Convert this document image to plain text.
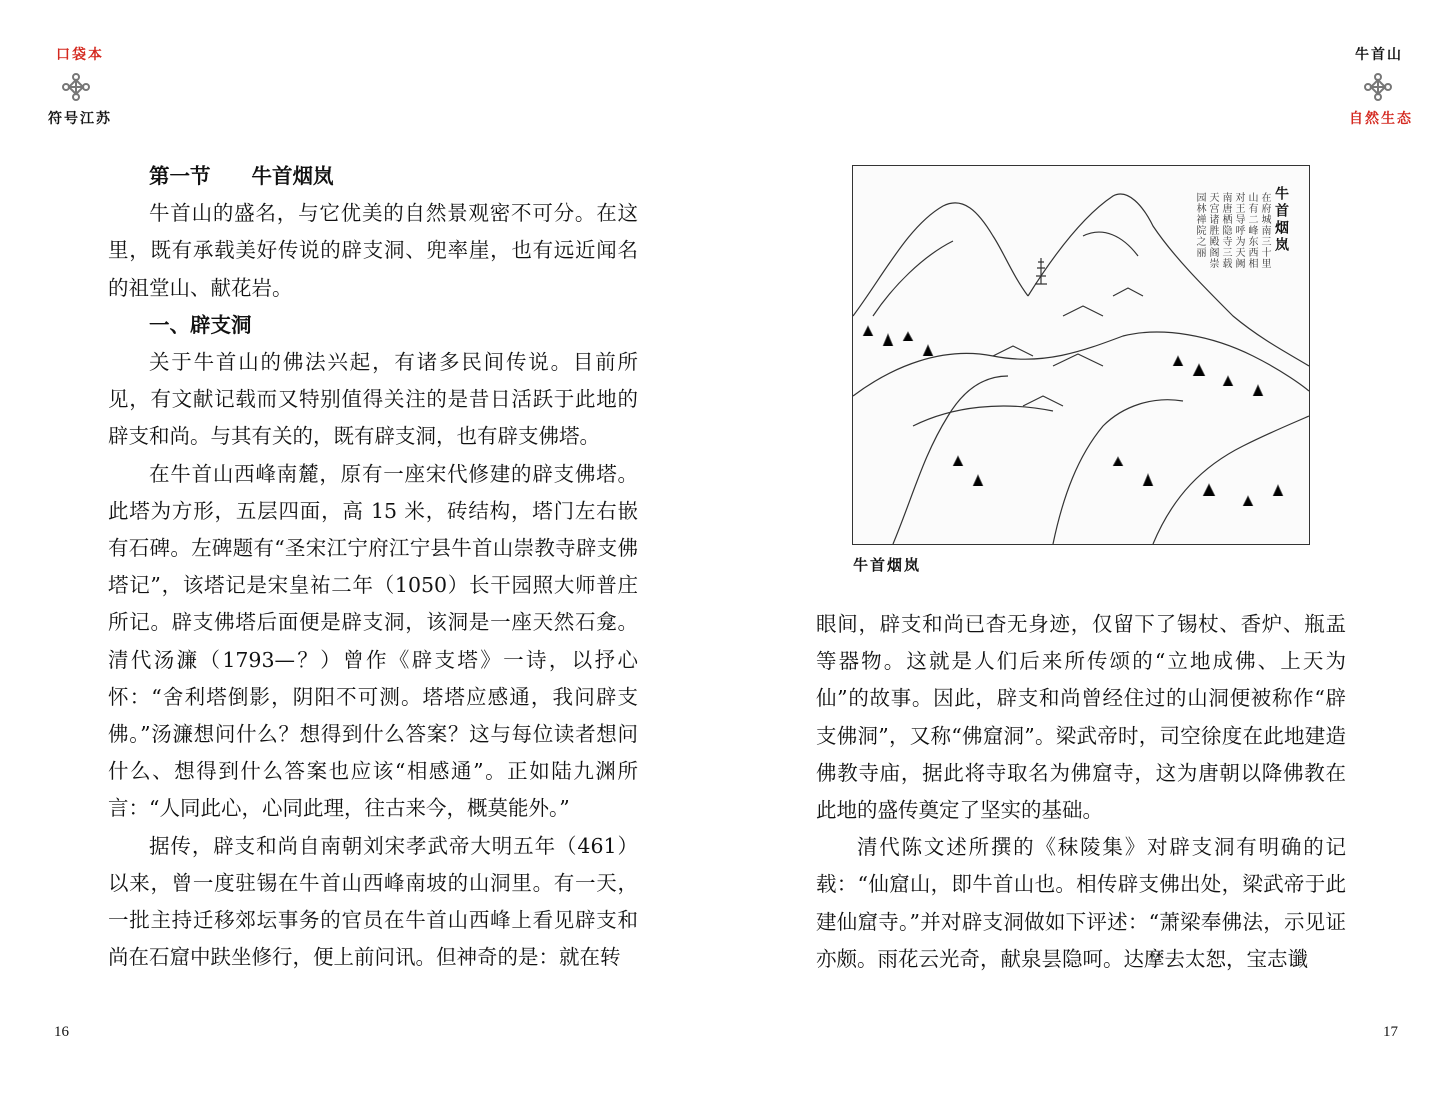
口袋本
符号江苏

第一节　　牛首烟岚

牛首山的盛名，与它优美的自然景观密不可分。在这里，既有承载美好传说的辟支洞、兜率崖，也有远近闻名的祖堂山、献花岩。

一、辟支洞

关于牛首山的佛法兴起，有诸多民间传说。目前所见，有文献记载而又特别值得关注的是昔日活跃于此地的辟支和尚。与其有关的，既有辟支洞，也有辟支佛塔。

在牛首山西峰南麓，原有一座宋代修建的辟支佛塔。此塔为方形，五层四面，高 15 米，砖结构，塔门左右嵌有石碑。左碑题有“圣宋江宁府江宁县牛首山崇教寺辟支佛塔记”，该塔记是宋皇祐二年（1050）长干园照大师普庄所记。辟支佛塔后面便是辟支洞，该洞是一座天然石龛。清代汤濂（1793—？）曾作《辟支塔》一诗，以抒心怀：“舍利塔倒影，阴阳不可测。塔塔应感通，我问辟支佛。”汤濂想问什么？想得到什么答案？这与每位读者想问什么、想得到什么答案也应该“相感通”。正如陆九渊所言：“人同此心，心同此理，往古来今，概莫能外。”

据传，辟支和尚自南朝刘宋孝武帝大明五年（461）以来，曾一度驻锡在牛首山西峰南坡的山洞里。有一天，一批主持迁移郊坛事务的官员在牛首山西峰上看见辟支和尚在石窟中趺坐修行，便上前问讯。但神奇的是：就在转

16
牛首山
自然生态
牛首烟岚
在府城南三十里
山有二峰东西相
对王导呼为天阙
南唐栖隐寺三载
天宫诸胜殿阁崇
园林禅院之丽
牛首烟岚

眼间，辟支和尚已杳无身迹，仅留下了锡杖、香炉、瓶盂等器物。这就是人们后来所传颂的“立地成佛、上天为仙”的故事。因此，辟支和尚曾经住过的山洞便被称作“辟支佛洞”，又称“佛窟洞”。梁武帝时，司空徐度在此地建造佛教寺庙，据此将寺取名为佛窟寺，这为唐朝以降佛教在此地的盛传奠定了坚实的基础。

清代陈文述所撰的《秣陵集》对辟支洞有明确的记载：“仙窟山，即牛首山也。相传辟支佛出处，梁武帝于此建仙窟寺。”并对辟支洞做如下评述：“萧梁奉佛法，示见证亦颇。雨花云光奇，献泉昙隐呵。达摩去太恕，宝志谶

17
